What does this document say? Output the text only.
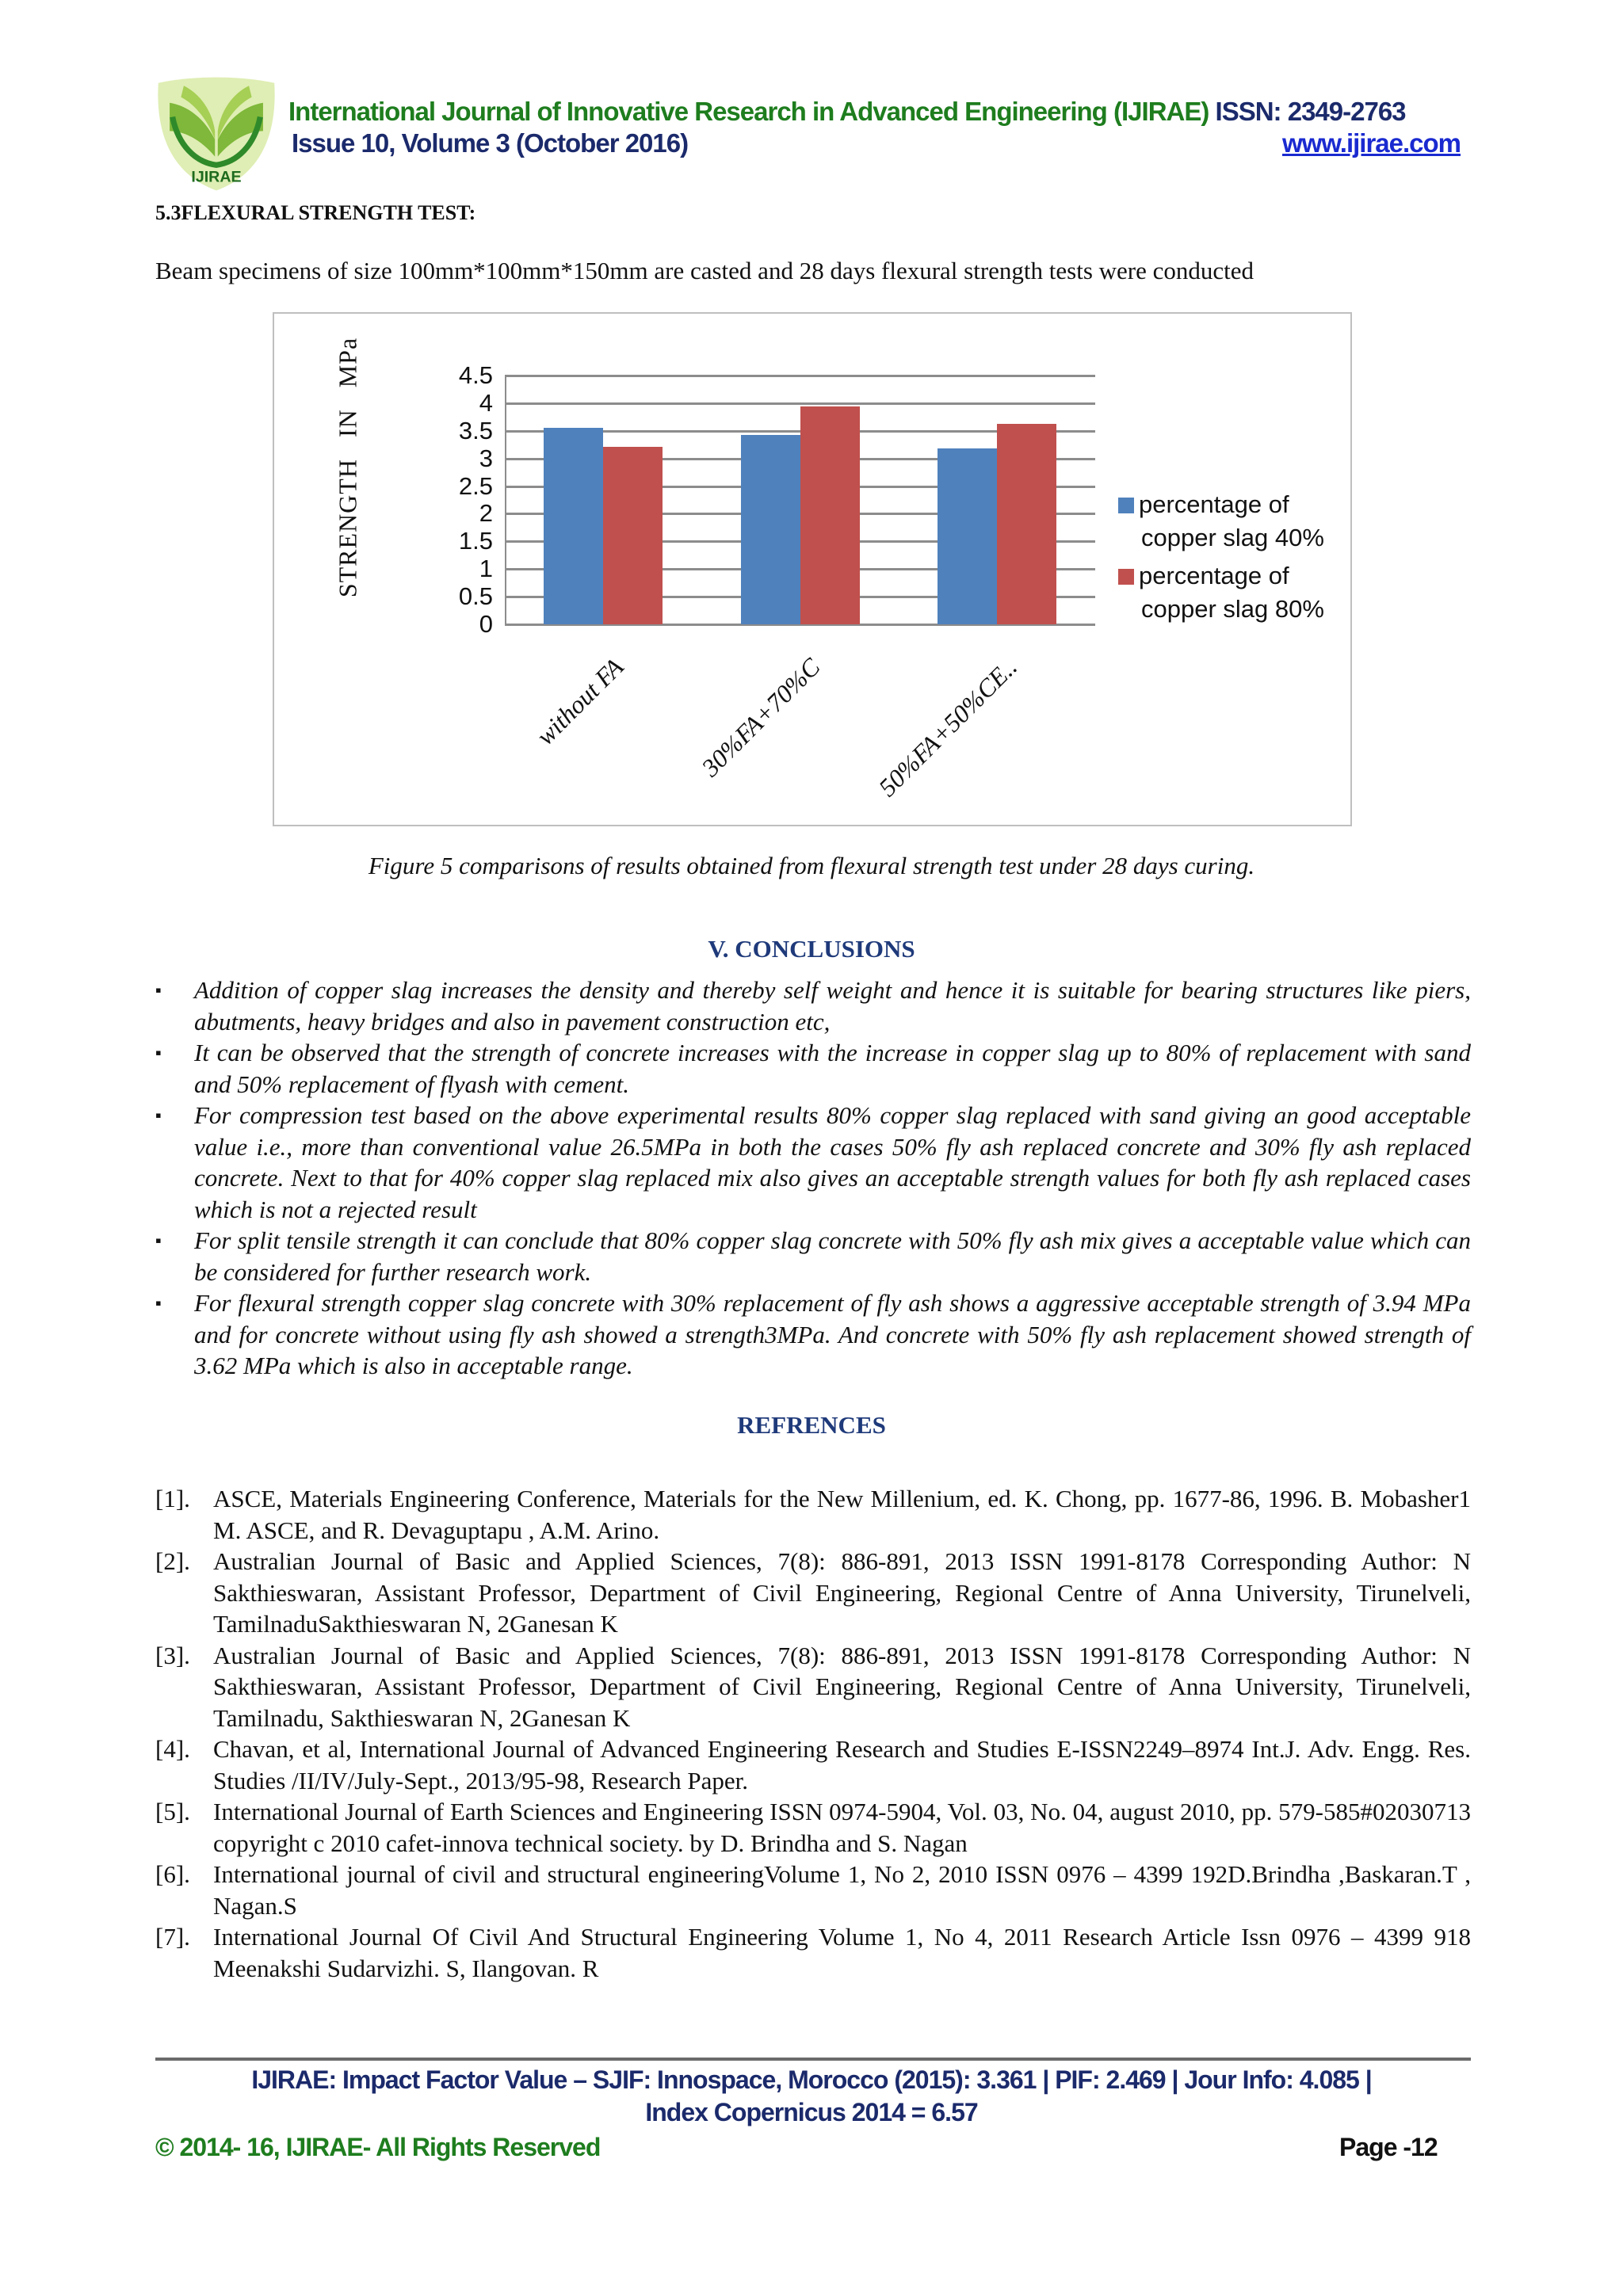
IJIRAE
International Journal of Innovative Research in Advanced Engineering (IJIRAE) ISSN: 2349-2763
Issue 10, Volume 3 (October 2016)	www.ijirae.com
5.3FLEXURAL STRENGTH TEST:
Beam specimens of size 100mm*100mm*150mm are casted and 28 days flexural strength tests were conducted
STRENGTH IN MPa
0
0.5
1
1.5
2
2.5
3
3.5
4
4.5
without FA	30%FA+70%C 50%FA+50%CE..
percentage of
copper slag 40%
percentage of
copper slag 80%
Figure 5 comparisons of results obtained from flexural strength test under 28 days curing.
V. CONCLUSIONS
▪ Addition of copper slag increases the density and thereby self weight and hence it is suitable for bearing structures like piers, abutments, heavy bridges and also in pavement construction etc,
▪ It can be observed that the strength of concrete increases with the increase in copper slag up to 80% of replacement with sand and 50% replacement of flyash with cement.
▪ For compression test based on the above experimental results 80% copper slag replaced with sand giving an good acceptable value i.e., more than conventional value 26.5MPa in both the cases 50% fly ash replaced concrete and 30% fly ash replaced concrete. Next to that for 40% copper slag replaced mix also gives an acceptable strength values for both fly ash replaced cases which is not a rejected result
▪ For split tensile strength it can conclude that 80% copper slag concrete with 50% fly ash mix gives a acceptable value which can be considered for further research work.
▪ For flexural strength copper slag concrete with 30% replacement of fly ash shows a aggressive acceptable strength of 3.94 MPa and for concrete without using fly ash showed a strength3MPa. And concrete with 50% fly ash replacement showed strength of 3.62 MPa which is also in acceptable range.
REFRENCES
[1]. ASCE, Materials Engineering Conference, Materials for the New Millenium, ed. K. Chong, pp. 1677-86, 1996. B. Mobasher1 M. ASCE, and R. Devaguptapu , A.M. Arino.
[2]. Australian Journal of Basic and Applied Sciences, 7(8): 886-891, 2013 ISSN 1991-8178 Corresponding Author: N Sakthieswaran, Assistant Professor, Department of Civil Engineering, Regional Centre of Anna University, Tirunelveli, TamilnaduSakthieswaran N, 2Ganesan K
[3]. Australian Journal of Basic and Applied Sciences, 7(8): 886-891, 2013 ISSN 1991-8178 Corresponding Author: N Sakthieswaran, Assistant Professor, Department of Civil Engineering, Regional Centre of Anna University, Tirunelveli, Tamilnadu, Sakthieswaran N, 2Ganesan K
[4]. Chavan, et al, International Journal of Advanced Engineering Research and Studies E-ISSN2249–8974 Int.J. Adv. Engg. Res. Studies /II/IV/July-Sept., 2013/95-98, Research Paper.
[5]. International Journal of Earth Sciences and Engineering ISSN 0974-5904, Vol. 03, No. 04, august 2010, pp. 579-585#02030713 copyright c 2010 cafet-innova technical society. by D. Brindha and S. Nagan
[6]. International journal of civil and structural engineeringVolume 1, No 2, 2010 ISSN 0976 – 4399 192D.Brindha ,Baskaran.T , Nagan.S
[7]. International Journal Of Civil And Structural Engineering Volume 1, No 4, 2011 Research Article Issn 0976 – 4399 918 Meenakshi Sudarvizhi. S, Ilangovan. R
IJIRAE: Impact Factor Value – SJIF: Innospace, Morocco (2015): 3.361 | PIF: 2.469 | Jour Info: 4.085 |
Index Copernicus 2014 = 6.57
© 2014- 16, IJIRAE- All Rights Reserved	Page -12
